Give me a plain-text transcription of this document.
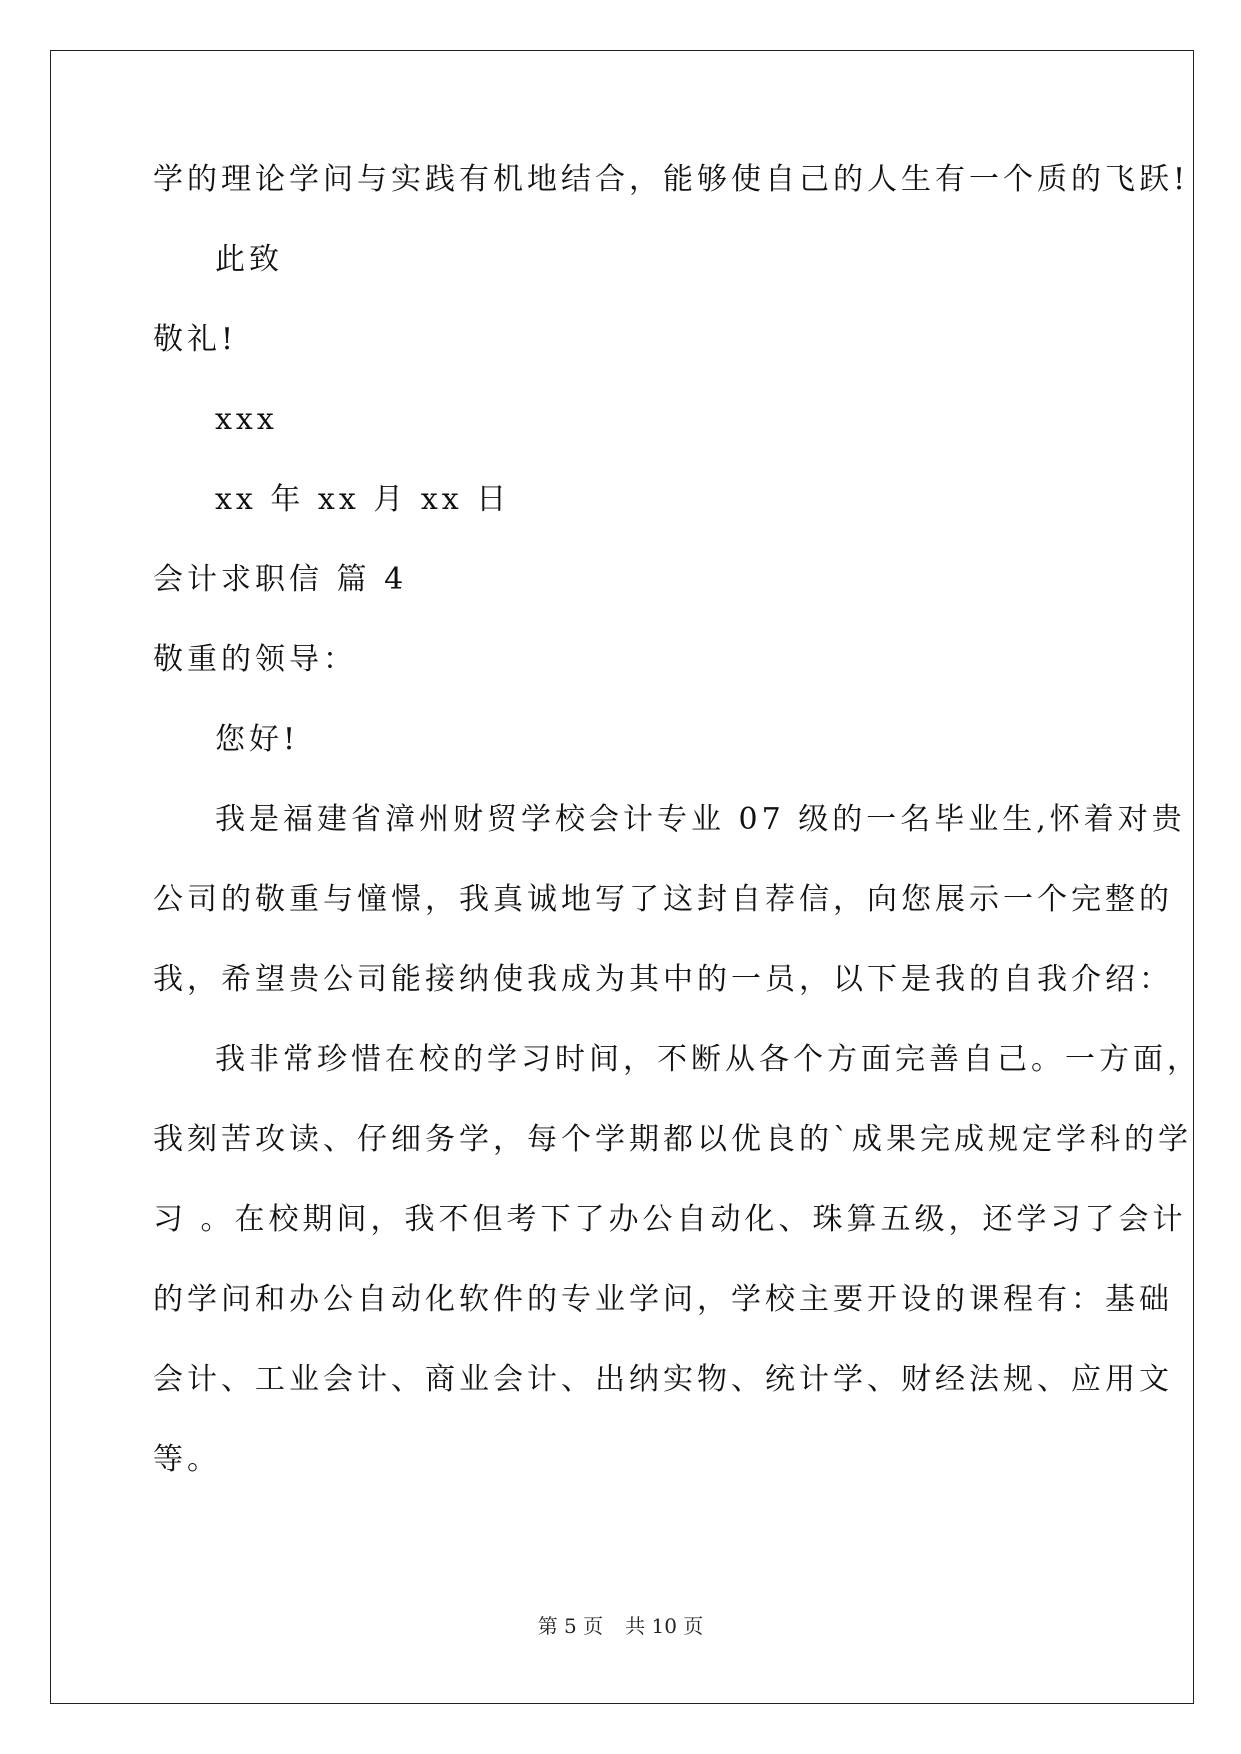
学的理论学问与实践有机地结合，能够使自己的人生有一个质的飞跃!
此致
敬礼!
xxx
xx 年 xx 月 xx 日
会计求职信 篇 4
敬重的领导：
您好!
我是福建省漳州财贸学校会计专业 07 级的一名毕业生,怀着对贵
公司的敬重与憧憬，我真诚地写了这封自荐信，向您展示一个完整的
我，希望贵公司能接纳使我成为其中的一员，以下是我的自我介绍：
我非常珍惜在校的学习时间，不断从各个方面完善自己。一方面，
我刻苦攻读、仔细务学，每个学期都以优良的`成果完成规定学科的学
习 。在校期间，我不但考下了办公自动化、珠算五级，还学习了会计
的学问和办公自动化软件的专业学问，学校主要开设的课程有：基础
会计、工业会计、商业会计、出纳实物、统计学、财经法规、应用文
等。
第 5 页 共 10 页
